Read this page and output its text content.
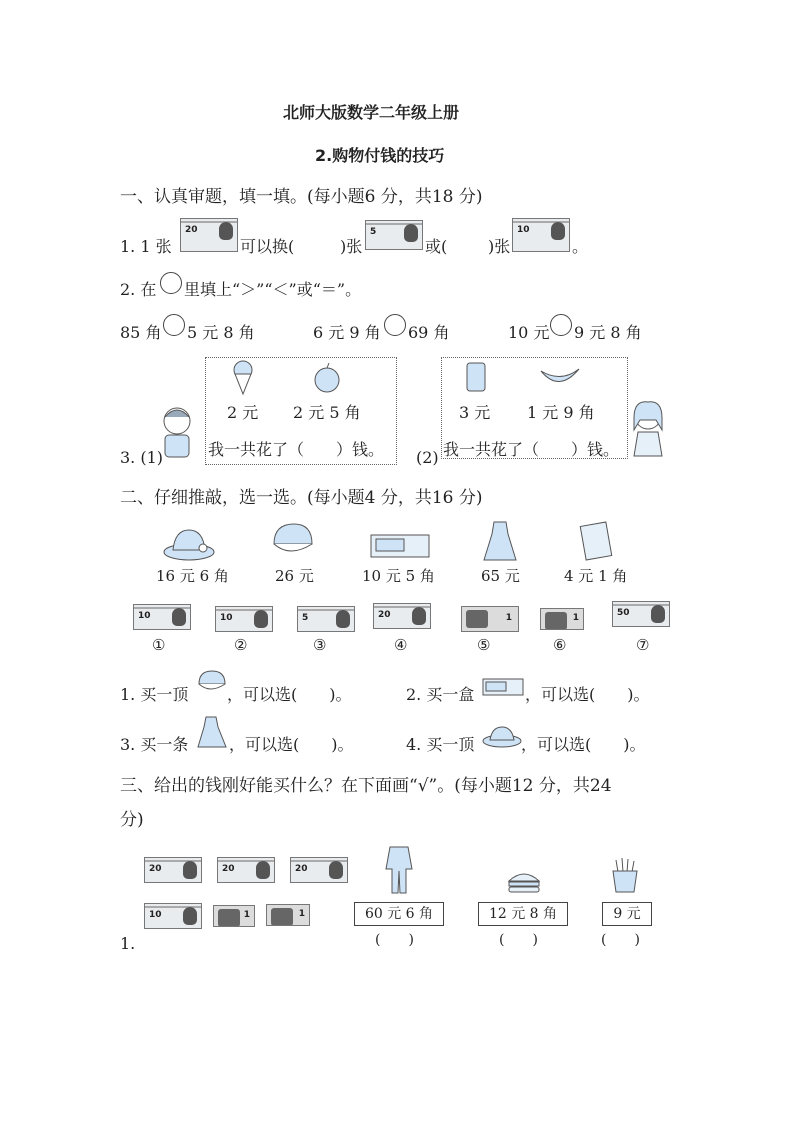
北师大版数学二年级上册
2.购物付钱的技巧
一、认真审题，填一填。(每小题6 分，共18 分)
1. 1 张
20
可以换(	)张
5
或(	)张
10
。
2. 在 里填上“＞”“＜”或“＝”。
85 角 5 元 8 角	6 元 9 角 69 角	10 元 9 元 8 角
3. (1)
2 元 2 元 5 角
我一共花了（　　）钱。 (2)
3 元 1 元 9 角
我一共花了（　　）钱。
二、仔细推敲，选一选。(每小题4 分，共16 分)
16 元 6 角	26 元	10 元 5 角	65 元	4 元 1 角
10	10	5	20	1	1	50
①	②	③	④	⑤	⑥	⑦
1. 买一顶 ，可以选(　　)。	2. 买一盒	，可以选(　　)。
3. 买一条	，可以选(　　)。	4. 买一顶	，可以选(　　)。
三、给出的钱刚好能买什么？在下面画“√”。(每小题12 分，共24
分)
20	20	20
10	1	1
1.
60 元 6 角	12 元 8 角	9 元
(　　)	(　　)	(　　)
